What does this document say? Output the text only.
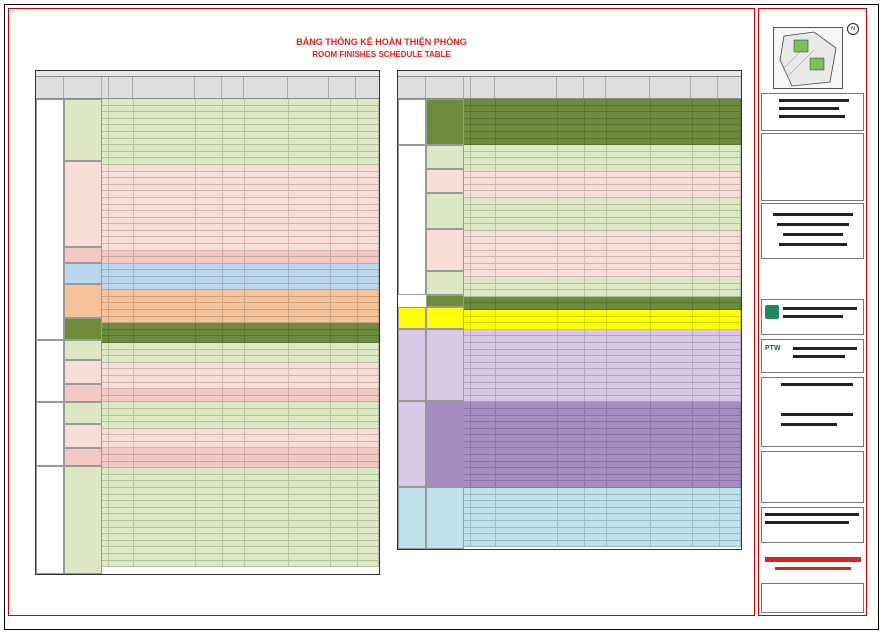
BẢNG THỐNG KÊ HOÀN THIỆN PHÒNG
ROOM FINISHES SCHEDULE TABLE
N
PTW
